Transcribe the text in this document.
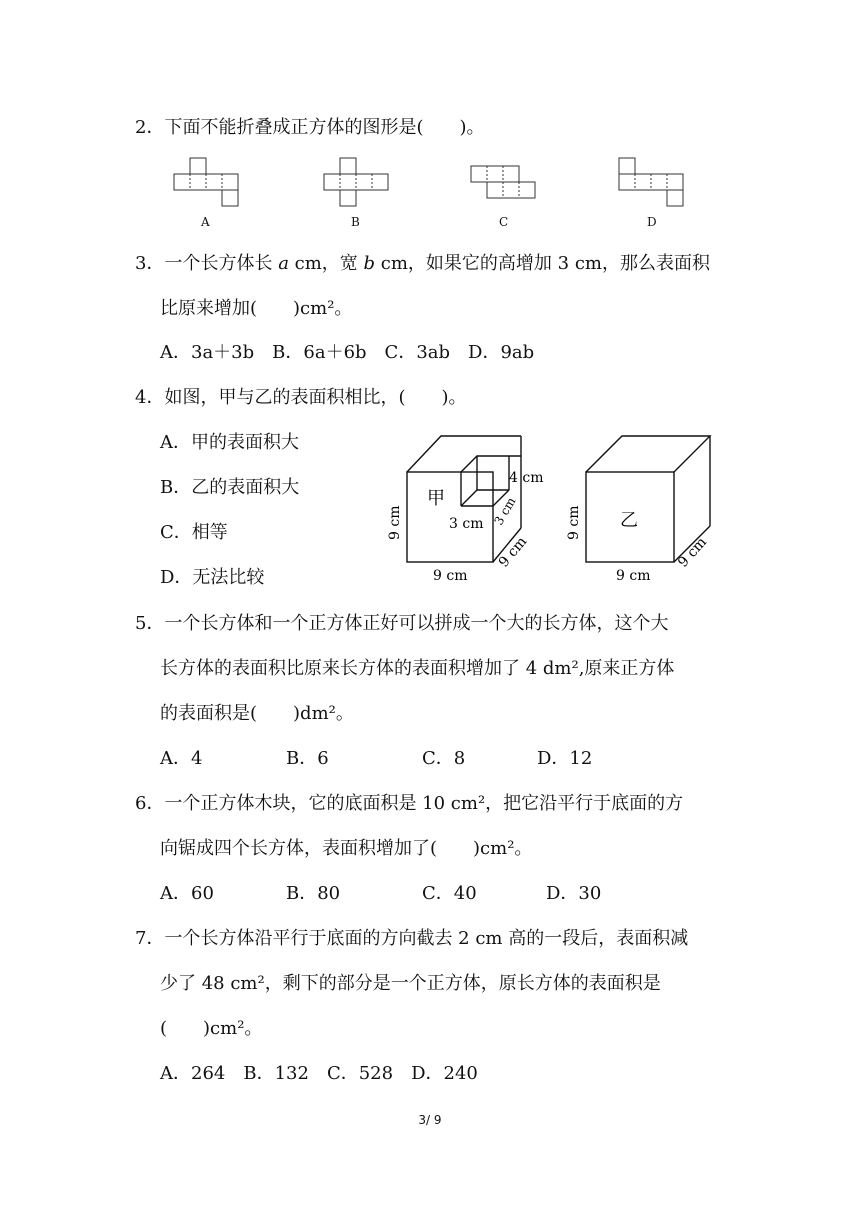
2．下面不能折叠成正方体的图形是(　　)。
A	B	C	D
3．一个长方体长 a cm，宽 b cm，如果它的高增加 3 cm，那么表面积
比原来增加(　　)cm²。
A．3a＋3b　B．6a＋6b　C．3ab　D．9ab
4．如图，甲与乙的表面积相比，(　　)。
A．甲的表面积大
B．乙的表面积大
C．相等
D．无法比较
甲
9 cm
9 cm
9 cm
4 cm
3 cm 3 cm	乙
9 cm
9 cm
9 cm
5．一个长方体和一个正方体正好可以拼成一个大的长方体，这个大
长方体的表面积比原来长方体的表面积增加了 4 dm²,原来正方体
的表面积是(　　)dm²。
A．4	B．6	C．8	D．12
6．一个正方体木块，它的底面积是 10 cm²，把它沿平行于底面的方
向锯成四个长方体，表面积增加了(　　)cm²。
A．60	B．80	C．40	D．30
7．一个长方体沿平行于底面的方向截去 2 cm 高的一段后，表面积减
少了 48 cm²，剩下的部分是一个正方体，原长方体的表面积是
(　　)cm²。
A．264　B．132　C．528　D．240
3/ 9
